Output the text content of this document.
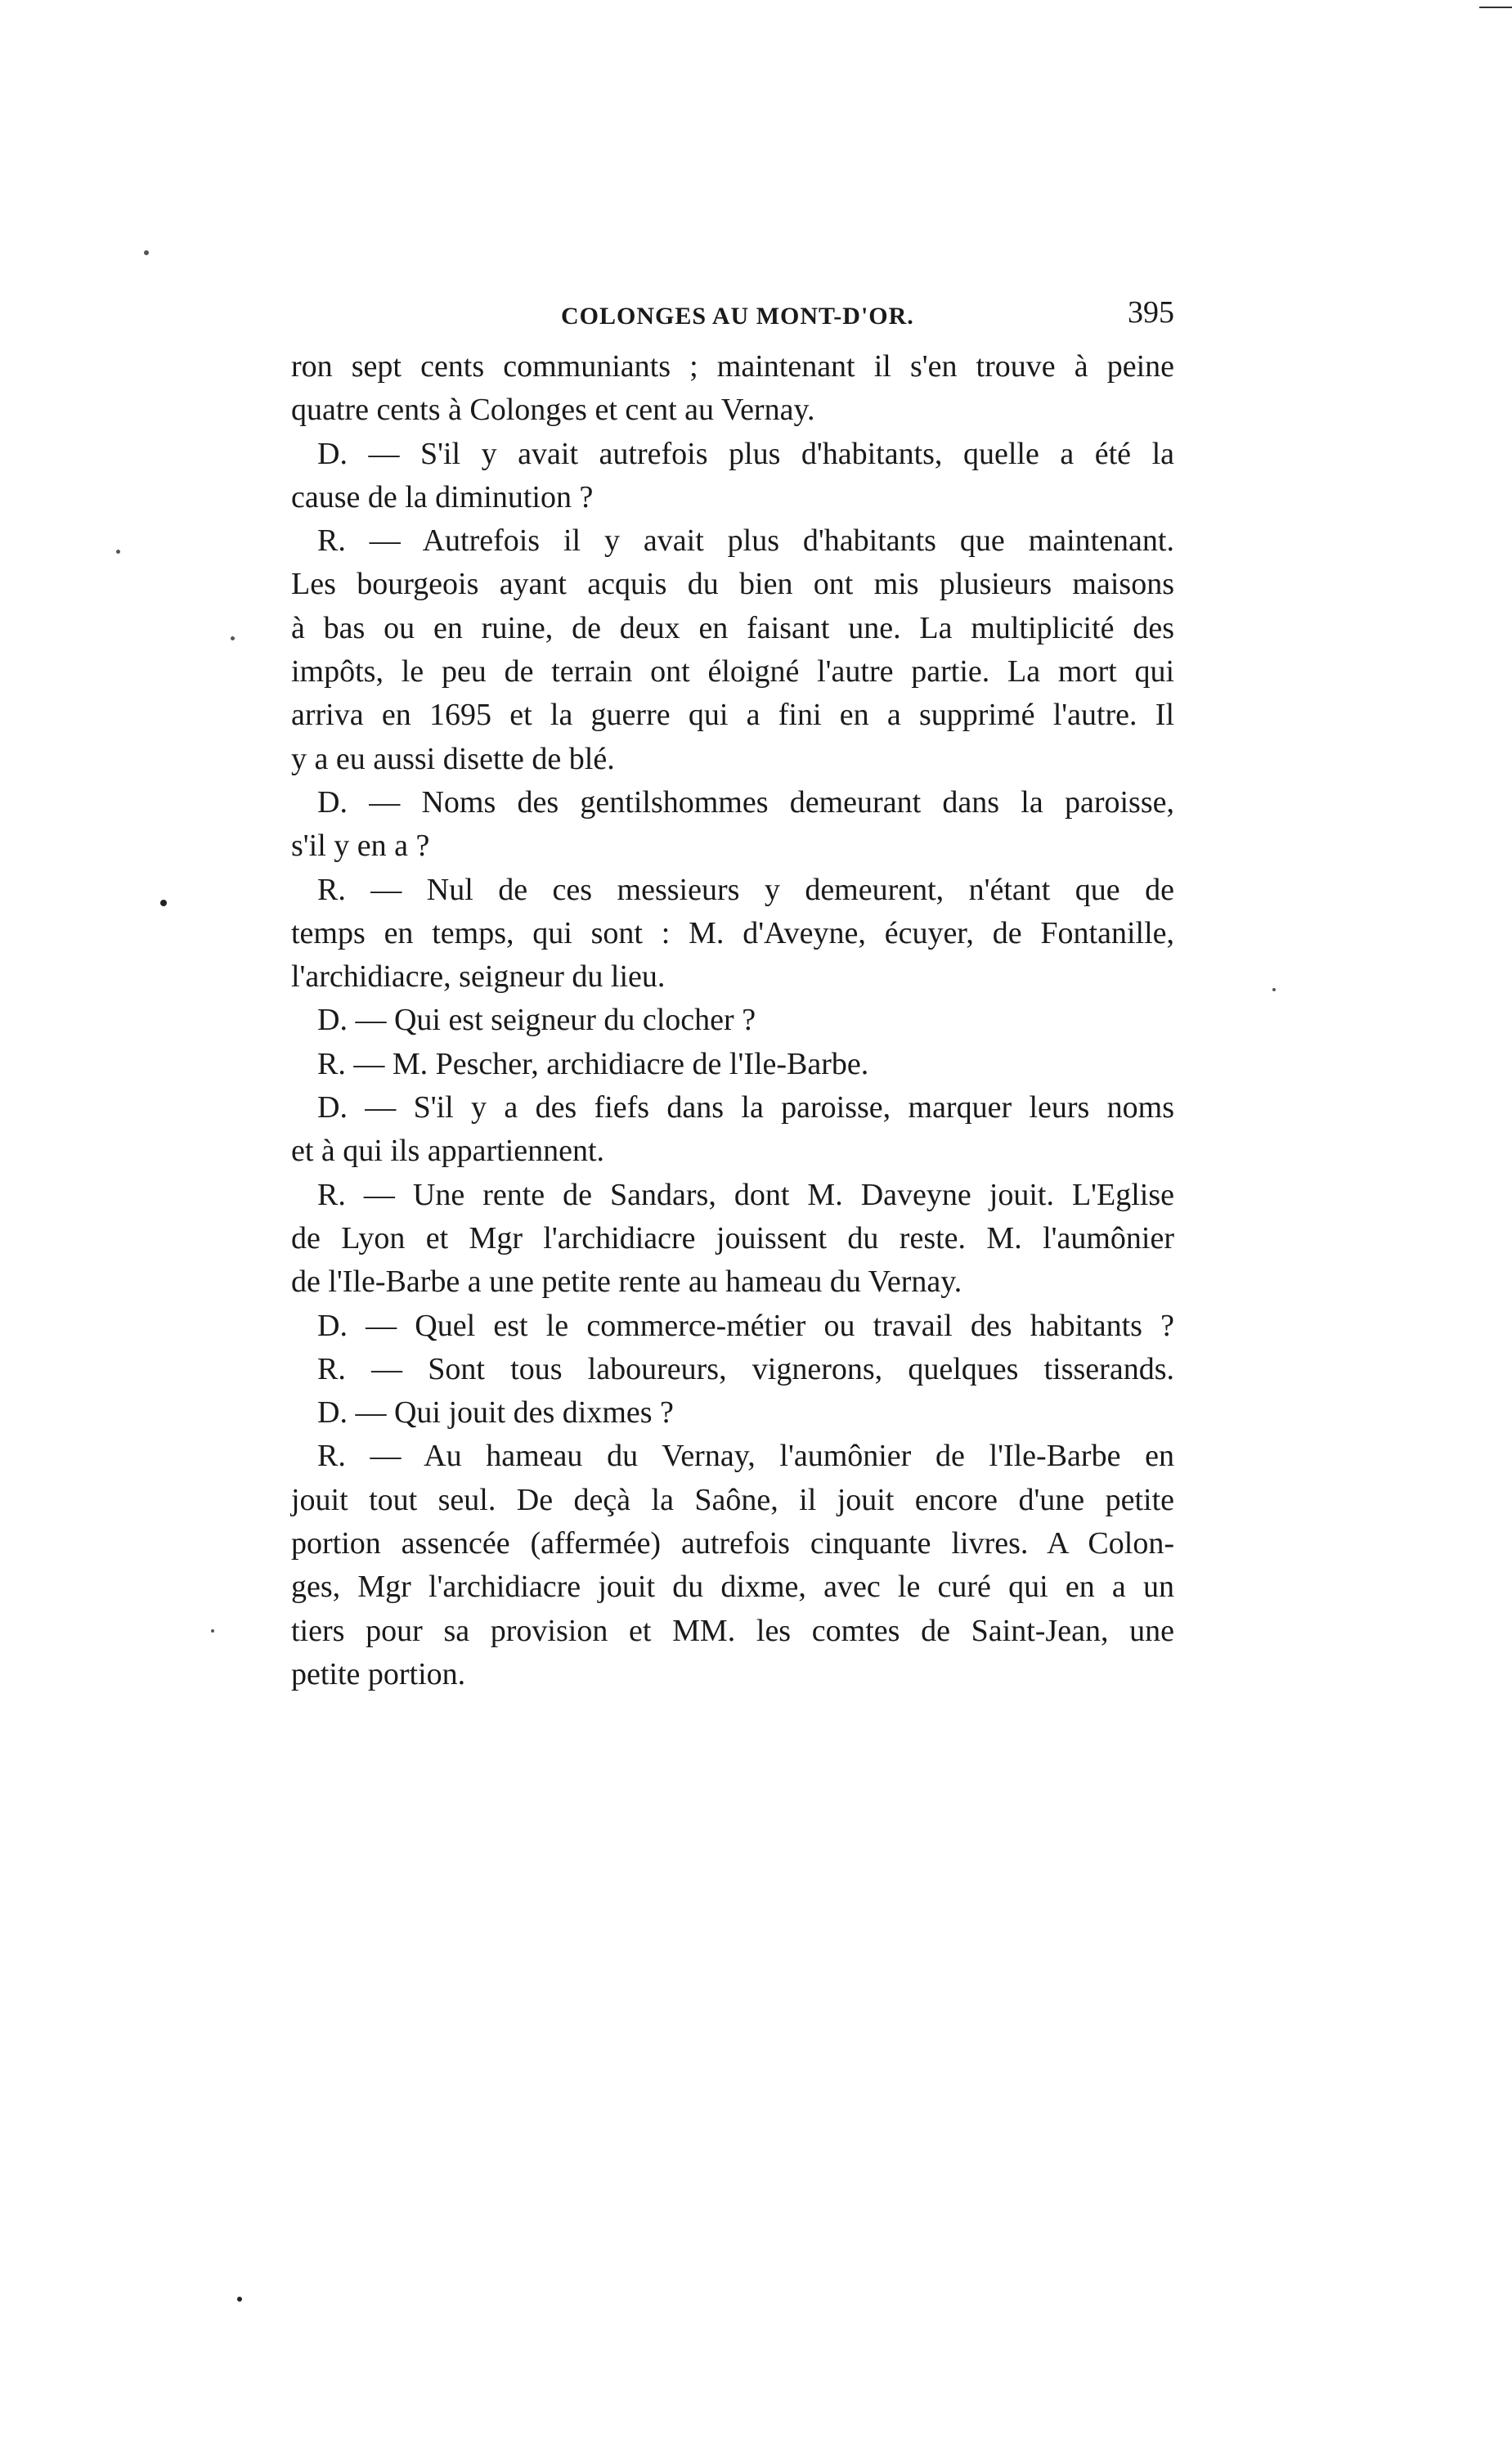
COLONGES AU MONT-D'OR.	395
ron sept cents communiants ; maintenant il s'en trouve à peine
quatre cents à Colonges et cent au Vernay.
D. — S'il y avait autrefois plus d'habitants, quelle a été la
cause de la diminution ?
R. — Autrefois il y avait plus d'habitants que maintenant.
Les bourgeois ayant acquis du bien ont mis plusieurs maisons
à bas ou en ruine, de deux en faisant une. La multiplicité des
impôts, le peu de terrain ont éloigné l'autre partie. La mort qui
arriva en 1695 et la guerre qui a fini en a supprimé l'autre. Il
y a eu aussi disette de blé.
D. — Noms des gentilshommes demeurant dans la paroisse,
s'il y en a ?
R. — Nul de ces messieurs y demeurent, n'étant que de
temps en temps, qui sont : M. d'Aveyne, écuyer, de Fontanille,
l'archidiacre, seigneur du lieu.
D. — Qui est seigneur du clocher ?
R. — M. Pescher, archidiacre de l'Ile-Barbe.
D. — S'il y a des fiefs dans la paroisse, marquer leurs noms
et à qui ils appartiennent.
R. — Une rente de Sandars, dont M. Daveyne jouit. L'Eglise
de Lyon et Mgr l'archidiacre jouissent du reste. M. l'aumônier
de l'Ile-Barbe a une petite rente au hameau du Vernay.
D. — Quel est le commerce-métier ou travail des habitants ?
R. — Sont tous laboureurs, vignerons, quelques tisserands.
D. — Qui jouit des dixmes ?
R. — Au hameau du Vernay, l'aumônier de l'Ile-Barbe en
jouit tout seul. De deçà la Saône, il jouit encore d'une petite
portion assencée (affermée) autrefois cinquante livres. A Colon-
ges, Mgr l'archidiacre jouit du dixme, avec le curé qui en a un
tiers pour sa provision et MM. les comtes de Saint-Jean, une
petite portion.
